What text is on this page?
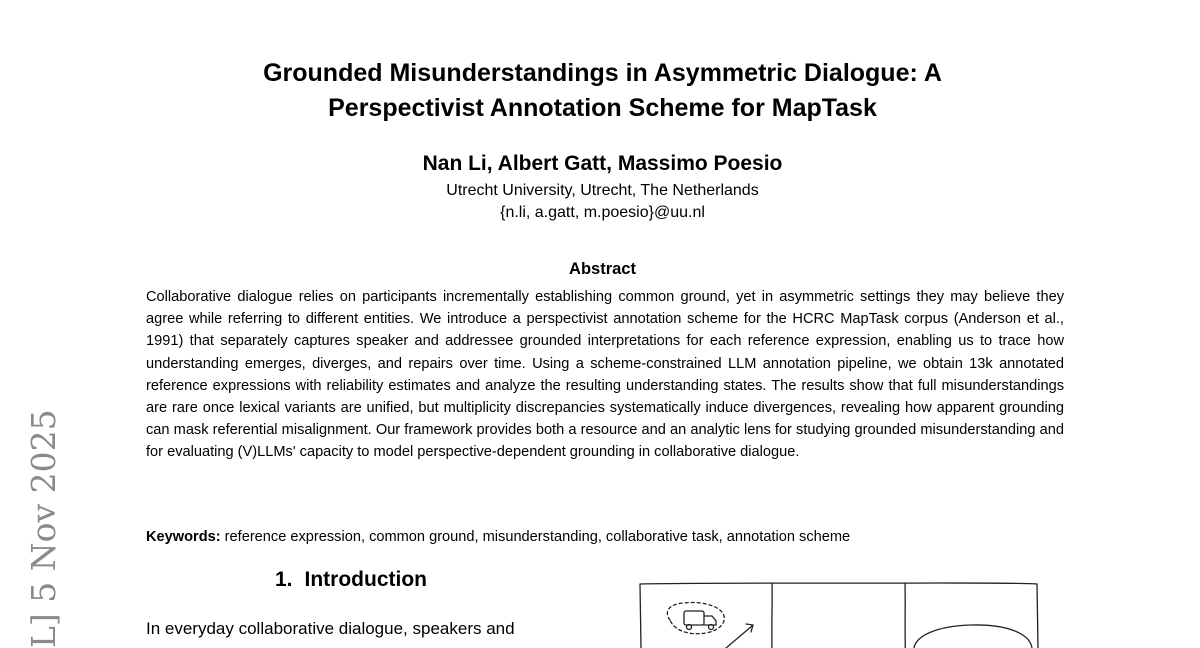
Grounded Misunderstandings in Asymmetric Dialogue: A
Perspectivist Annotation Scheme for MapTask
Nan Li, Albert Gatt, Massimo Poesio
Utrecht University, Utrecht, The Netherlands
{n.li, a.gatt, m.poesio}@uu.nl
Abstract
Collaborative dialogue relies on participants incrementally establishing common ground, yet in asymmetric settings they may believe they agree while referring to different entities. We introduce a perspectivist annotation scheme for the HCRC MapTask corpus (Anderson et al., 1991) that separately captures speaker and addressee grounded interpretations for each reference expression, enabling us to trace how understanding emerges, diverges, and repairs over time. Using a scheme-constrained LLM annotation pipeline, we obtain 13k annotated reference expressions with reliability estimates and analyze the resulting understanding states. The results show that full misunderstandings are rare once lexical variants are unified, but multiplicity discrepancies systematically induce divergences, revealing how apparent grounding can mask referential misalignment. Our framework provides both a resource and an analytic lens for studying grounded misunderstanding and for evaluating (V)LLMs' capacity to model perspective-dependent grounding in collaborative dialogue.
Keywords: reference expression, common ground, misunderstanding, collaborative task, annotation scheme
1. Introduction
In everyday collaborative dialogue, speakers and
L] 5 Nov 2025
